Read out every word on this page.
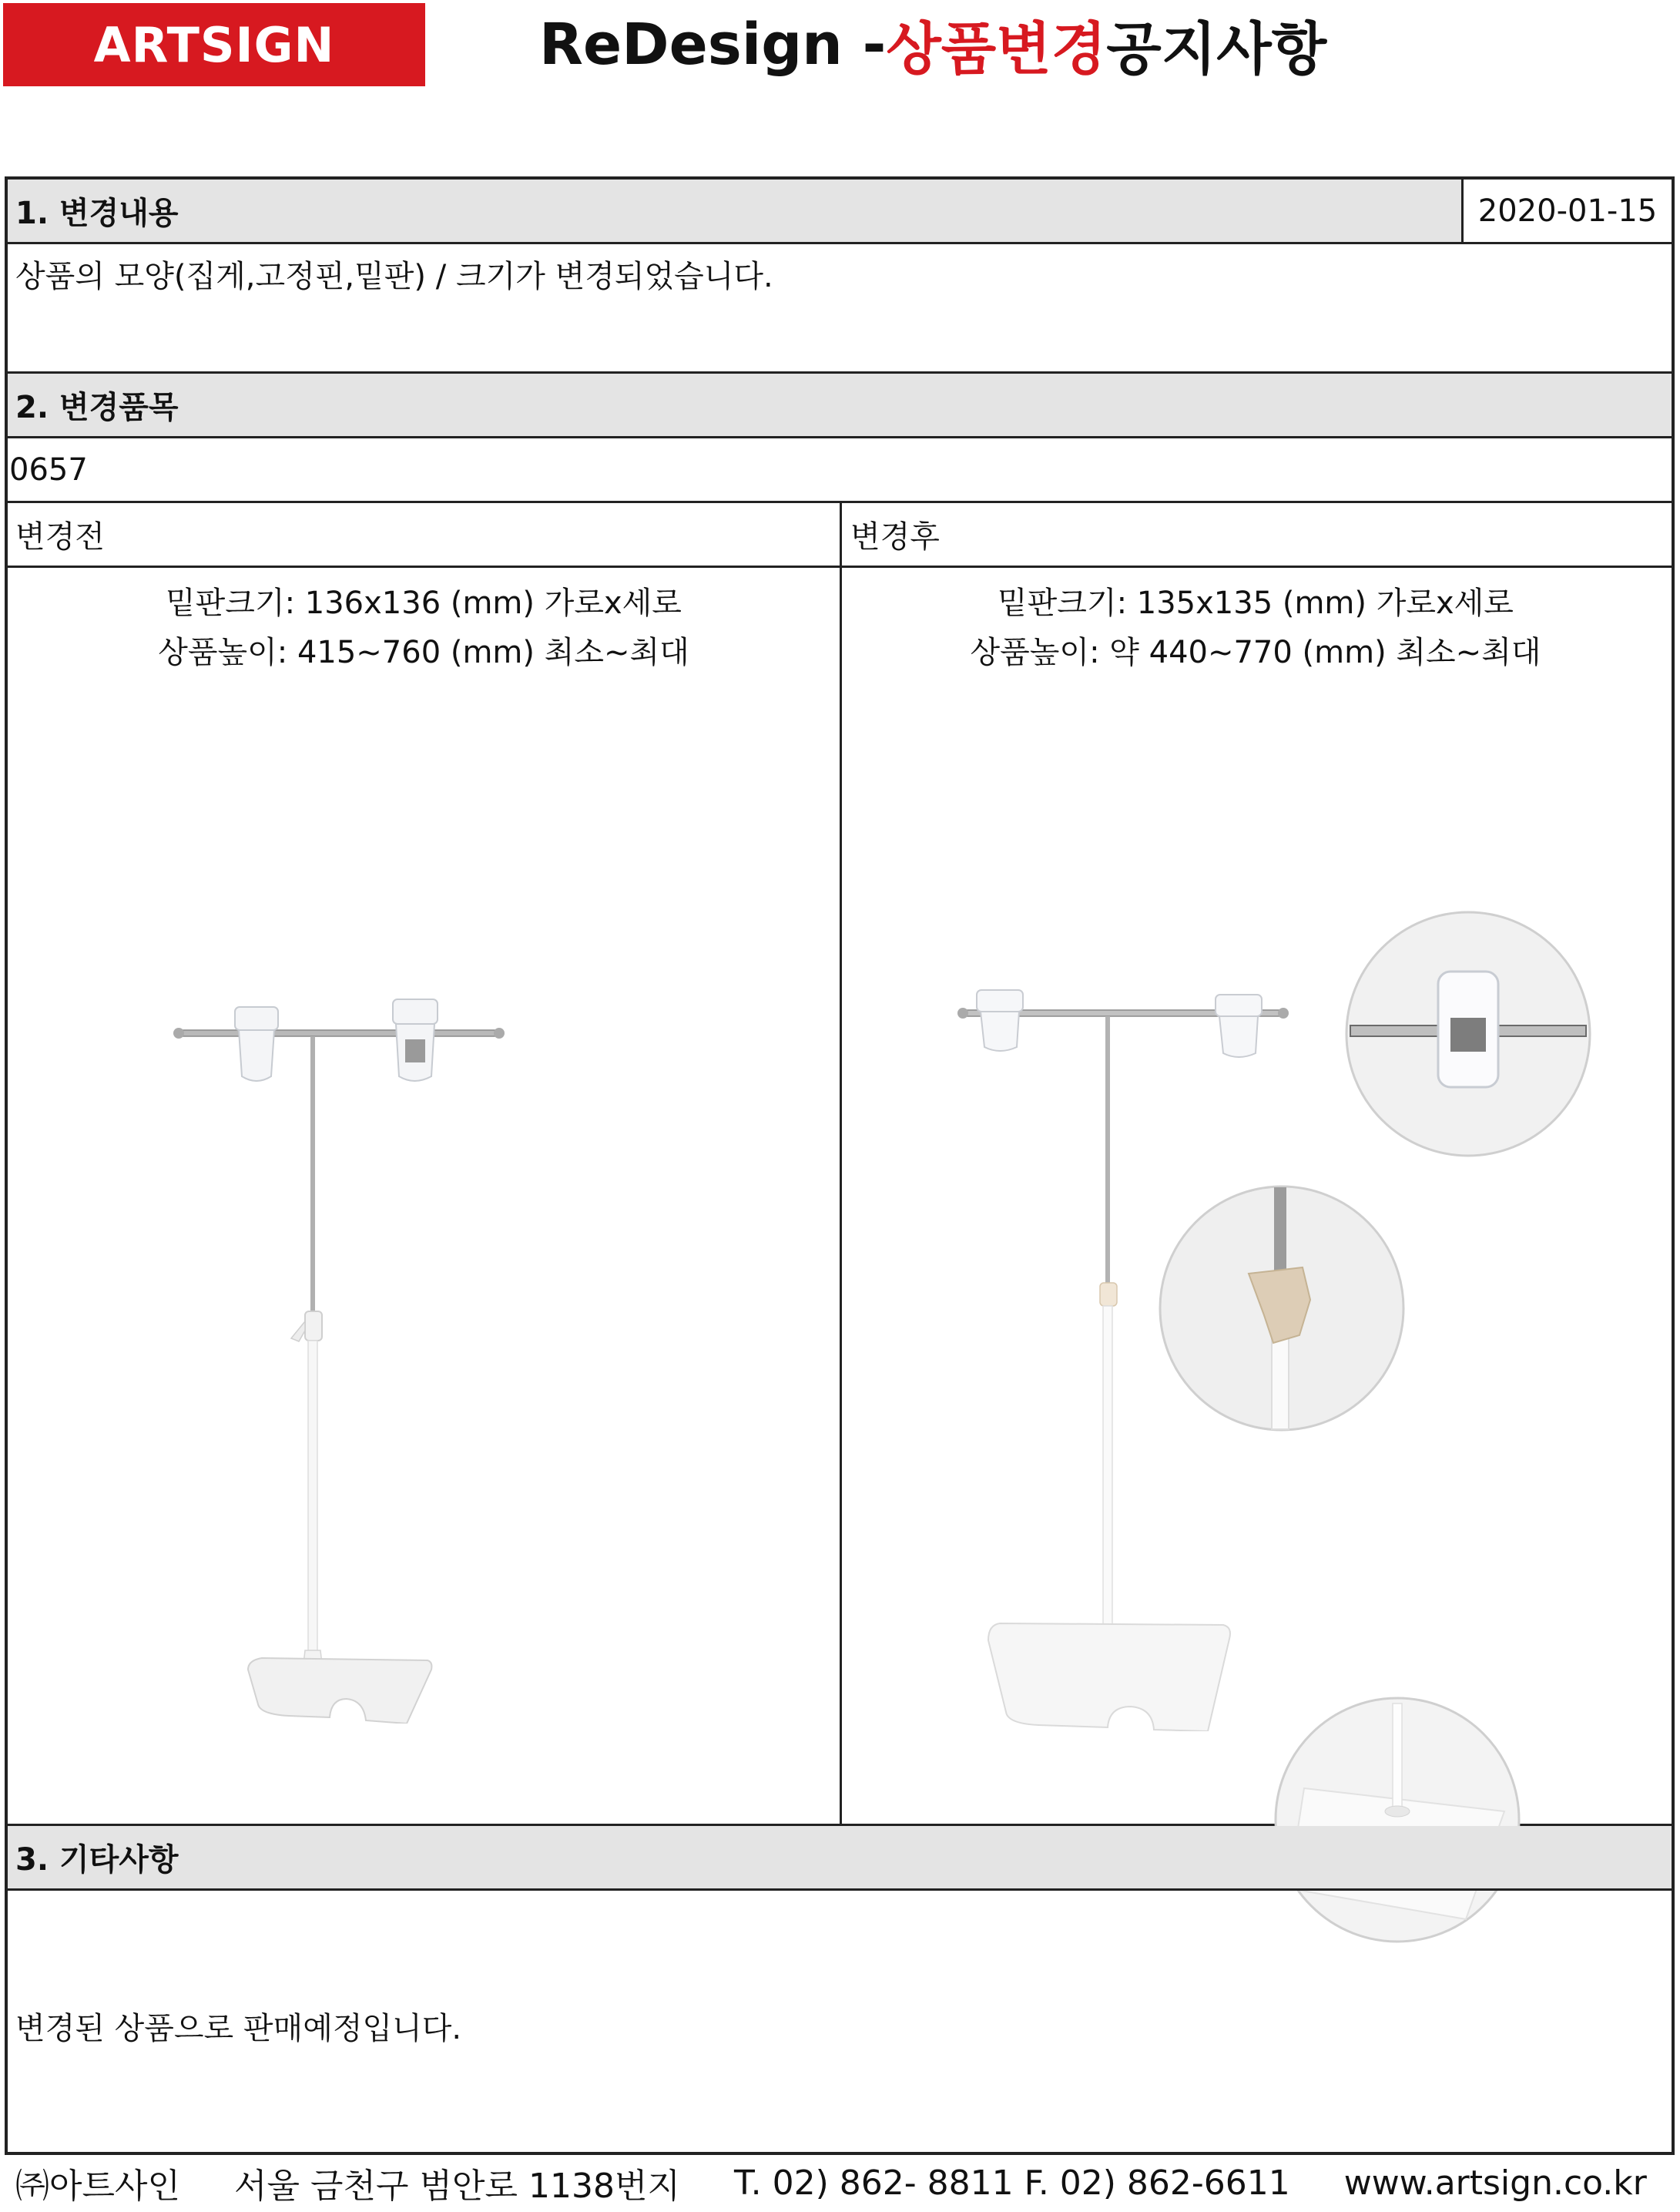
ARTSIGN	ReDesign - 상품변경 공지사항
1. 변경내용	2020-01-15
상품의 모양(집게,고정핀,밑판) / 크기가 변경되었습니다.
2. 변경품목
0657
변경전	변경후
밑판크기: 136x136 (mm) 가로x세로
상품높이: 415~760 (mm) 최소~최대
밑판크기: 135x135 (mm) 가로x세로
상품높이: 약 440~770 (mm) 최소~최대
3. 기타사항
변경된 상품으로 판매예정입니다.
㈜아트사인 서울 금천구 범안로 1138번지 T. 02) 862- 8811 F. 02) 862-6611 www.artsign.co.kr
